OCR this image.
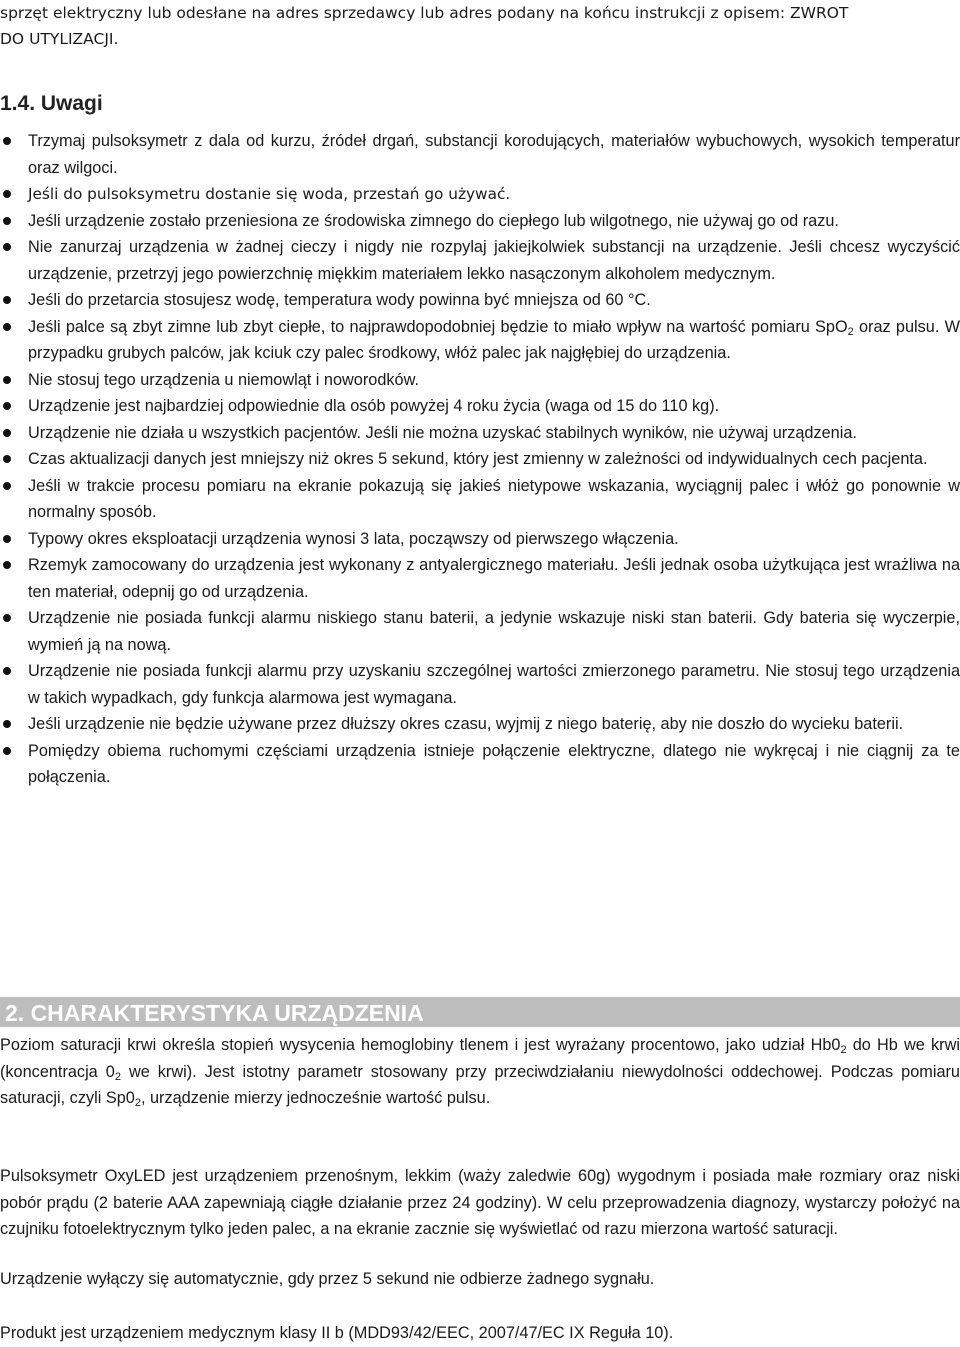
sprzęt elektryczny lub odesłane na adres sprzedawcy lub adres podany na końcu instrukcji z opisem: ZWROT

DO UTYLIZACJI.

1.4. Uwagi
Trzymaj pulsoksymetr z dala od kurzu, źródeł drgań, substancji korodujących, materiałów wybuchowych, wysokich temperatur oraz wilgoci.
Jeśli do pulsoksymetru dostanie się woda, przestań go używać.
Jeśli urządzenie zostało przeniesiona ze środowiska zimnego do ciepłego lub wilgotnego, nie używaj go od razu.
Nie zanurzaj urządzenia w żadnej cieczy i nigdy nie rozpylaj jakiejkolwiek substancji na urządzenie. Jeśli chcesz wyczyścić urządzenie, przetrzyj jego powierzchnię miękkim materiałem lekko nasączonym alkoholem medycznym.
Jeśli do przetarcia stosujesz wodę, temperatura wody powinna być mniejsza od 60 °C.
Jeśli palce są zbyt zimne lub zbyt ciepłe, to najprawdopodobniej będzie to miało wpływ na wartość pomiaru SpO$_2$ oraz pulsu. W przypadku grubych palców, jak kciuk czy palec środkowy, włóż palec jak najgłębiej do urządzenia.
Nie stosuj tego urządzenia u niemowląt i noworodków.
Urządzenie jest najbardziej odpowiednie dla osób powyżej 4 roku życia (waga od 15 do 110 kg).
Urządzenie nie działa u wszystkich pacjentów. Jeśli nie można uzyskać stabilnych wyników, nie używaj urządzenia.
Czas aktualizacji danych jest mniejszy niż okres 5 sekund, który jest zmienny w zależności od indywidualnych cech pacjenta.
Jeśli w trakcie procesu pomiaru na ekranie pokazują się jakieś nietypowe wskazania, wyciągnij palec i włóż go ponownie w normalny sposób.
Typowy okres eksploatacji urządzenia wynosi 3 lata, począwszy od pierwszego włączenia.
Rzemyk zamocowany do urządzenia jest wykonany z antyalergicznego materiału. Jeśli jednak osoba użytkująca jest wrażliwa na ten materiał, odepnij go od urządzenia.
Urządzenie nie posiada funkcji alarmu niskiego stanu baterii, a jedynie wskazuje niski stan baterii. Gdy bateria się wyczerpie, wymień ją na nową.
Urządzenie nie posiada funkcji alarmu przy uzyskaniu szczególnej wartości zmierzonego parametru. Nie stosuj tego urządzenia w takich wypadkach, gdy funkcja alarmowa jest wymagana.
Jeśli urządzenie nie będzie używane przez dłuższy okres czasu, wyjmij z niego baterię, aby nie doszło do wycieku baterii.
Pomiędzy obiema ruchomymi częściami urządzenia istnieje połączenie elektryczne, dlatego nie wykręcaj i nie ciągnij za te połączenia.
2. CHARAKTERYSTYKA URZĄDZENIA

Poziom saturacji krwi określa stopień wysycenia hemoglobiny tlenem i jest wyrażany procentowo, jako udział $Hb0_2$ do Hb we krwi (koncentracja $0_2$ we krwi). Jest istotny parametr stosowany przy przeciwdziałaniu niewydolności oddechowej. Podczas pomiaru saturacji, czyli $Sp0_2$, urządzenie mierzy jednocześnie wartość pulsu.

Pulsoksymetr OxyLED jest urządzeniem przenośnym, lekkim (waży zaledwie 60g) wygodnym i posiada małe rozmiary oraz niski pobór prądu (2 baterie AAA zapewniają ciągłe działanie przez 24 godziny). W celu przeprowadzenia diagnozy, wystarczy położyć na czujniku fotoelektrycznym tylko jeden palec, a na ekranie zacznie się wyświetlać od razu mierzona wartość saturacji.

Urządzenie wyłączy się automatycznie, gdy przez 5 sekund nie odbierze żadnego sygnału.

Produkt jest urządzeniem medycznym klasy II b (MDD93/42/EEC, 2007/47/EC IX Reguła 10).
